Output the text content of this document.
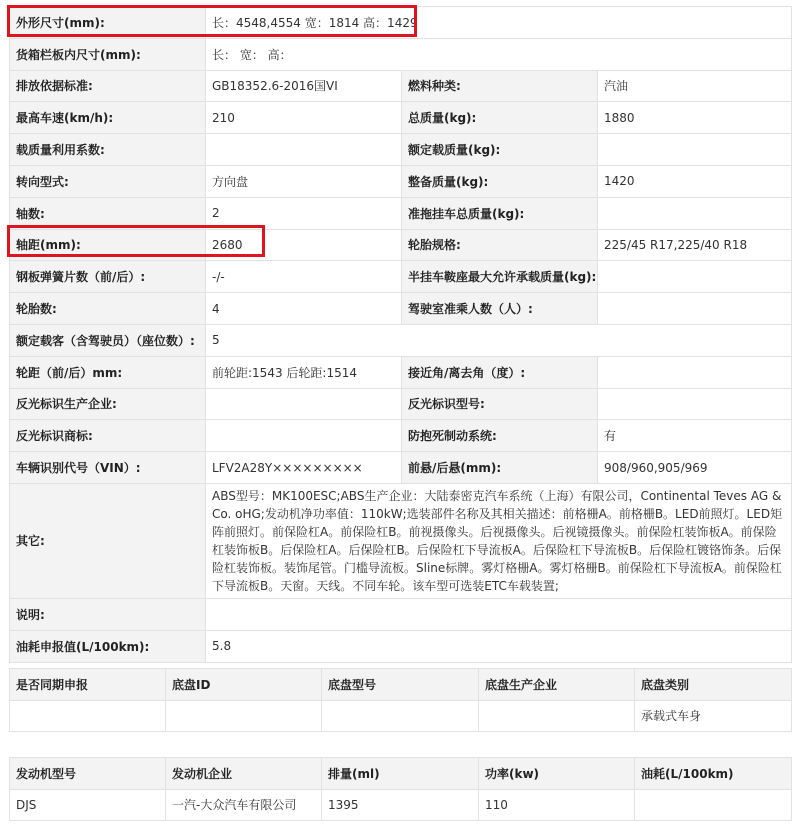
外形尺寸(mm):	长：4548,4554 宽：1814 高：1429		
货箱栏板内尺寸(mm):	长： 宽： 高：		
排放依据标准:	GB18352.6-2016国VI	燃料种类:	汽油
最高车速(km/h):	210	总质量(kg):	1880
载质量利用系数:		额定载质量(kg):	
转向型式:	方向盘	整备质量(kg):	1420
轴数:	2	准拖挂车总质量(kg):	
轴距(mm):	2680	轮胎规格:	225/45 R17,225/40 R18
钢板弹簧片数（前/后）:	-/-	半挂车鞍座最大允许承载质量(kg):	
轮胎数:	4	驾驶室准乘人数（人）:	
额定载客（含驾驶员）（座位数）:	5		
轮距（前/后）mm:	前轮距:1543 后轮距:1514	接近角/离去角（度）:	
反光标识生产企业:		反光标识型号:	
反光标识商标:		防抱死制动系统:	有
车辆识别代号（VIN）:	LFV2A28Y×××××××××	前悬/后悬(mm):	908/960,905/969
其它:	ABS型号：MK100ESC;ABS生产企业：大陆泰密克汽车系统（上海）有限公司，Continental Teves AG & Co. oHG;发动机净功率值：110kW;选装部件名称及其相关描述：前格栅A。前格栅B。LED前照灯。LED矩阵前照灯。前保险杠A。前保险杠B。前视摄像头。后视摄像头。后视镜摄像头。前保险杠装饰板A。前保险杠装饰板B。后保险杠A。后保险杠B。后保险杠下导流板A。后保险杠下导流板B。后保险杠镀铬饰条。后保险杠装饰板。装饰尾管。门槛导流板。Sline标牌。雾灯格栅A。雾灯格栅B。前保险杠下导流板A。前保险杠下导流板B。天窗。天线。不同车轮。该车型可选装ETC车载装置;		
说明:			
油耗申报值(L/100km):	5.8		
是否同期申报	底盘ID	底盘型号	底盘生产企业	底盘类别
				承载式车身
发动机型号	发动机企业	排量(ml)	功率(kw)	油耗(L/100km)
DJS	一汽-大众汽车有限公司	1395	110	
